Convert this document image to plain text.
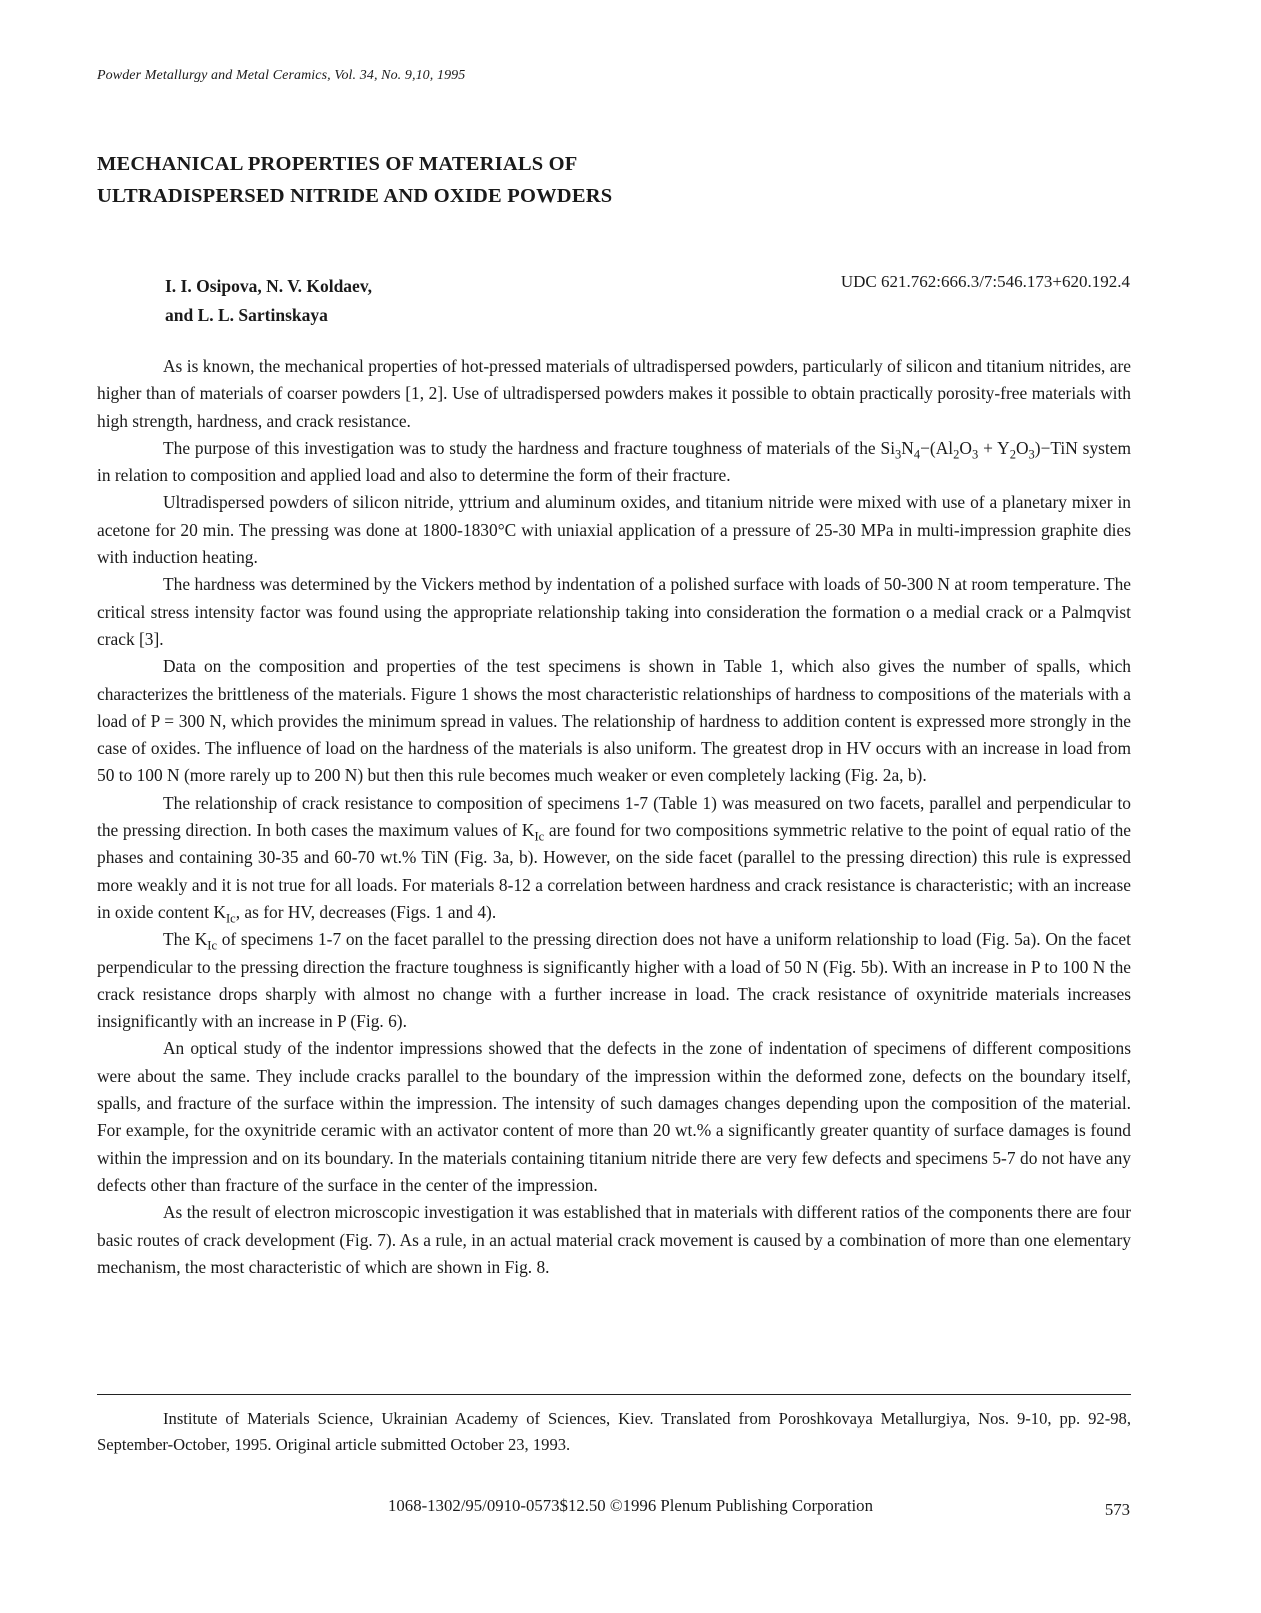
Powder Metallurgy and Metal Ceramics, Vol. 34, No. 9,10, 1995
MECHANICAL PROPERTIES OF MATERIALS OF
ULTRADISPERSED NITRIDE AND OXIDE POWDERS
I. I. Osipova, N. V. Koldaev,
and L. L. Sartinskaya
UDC 621.762:666.3/7:546.173+620.192.4

As is known, the mechanical properties of hot-pressed materials of ultradispersed powders, particularly of silicon and titanium nitrides, are higher than of materials of coarser powders [1, 2]. Use of ultradispersed powders makes it possible to obtain practically porosity-free materials with high strength, hardness, and crack resistance.

The purpose of this investigation was to study the hardness and fracture toughness of materials of the $Si_3N_4-(Al_2O_3 + Y_2O_3)-TiN$ system in relation to composition and applied load and also to determine the form of their fracture.

Ultradispersed powders of silicon nitride, yttrium and aluminum oxides, and titanium nitride were mixed with use of a planetary mixer in acetone for 20 min. The pressing was done at 1800-1830°C with uniaxial application of a pressure of 25-30 MPa in multi-impression graphite dies with induction heating.

The hardness was determined by the Vickers method by indentation of a polished surface with loads of 50-300 N at room temperature. The critical stress intensity factor was found using the appropriate relationship taking into consideration the formation o a medial crack or a Palmqvist crack [3].

Data on the composition and properties of the test specimens is shown in Table 1, which also gives the number of spalls, which characterizes the brittleness of the materials. Figure 1 shows the most characteristic relationships of hardness to compositions of the materials with a load of P = 300 N, which provides the minimum spread in values. The relationship of hardness to addition content is expressed more strongly in the case of oxides. The influence of load on the hardness of the materials is also uniform. The greatest drop in HV occurs with an increase in load from 50 to 100 N (more rarely up to 200 N) but then this rule becomes much weaker or even completely lacking (Fig. 2a, b).

The relationship of crack resistance to composition of specimens 1-7 (Table 1) was measured on two facets, parallel and perpendicular to the pressing direction. In both cases the maximum values of $K_{Ic}$ are found for two compositions symmetric relative to the point of equal ratio of the phases and containing 30-35 and 60-70 wt.% TiN (Fig. 3a, b). However, on the side facet (parallel to the pressing direction) this rule is expressed more weakly and it is not true for all loads. For materials 8-12 a correlation between hardness and crack resistance is characteristic; with an increase in oxide content $K_{Ic}$, as for HV, decreases (Figs. 1 and 4).

The $K_{Ic}$ of specimens 1-7 on the facet parallel to the pressing direction does not have a uniform relationship to load (Fig. 5a). On the facet perpendicular to the pressing direction the fracture toughness is significantly higher with a load of 50 N (Fig. 5b). With an increase in P to 100 N the crack resistance drops sharply with almost no change with a further increase in load. The crack resistance of oxynitride materials increases insignificantly with an increase in P (Fig. 6).

An optical study of the indentor impressions showed that the defects in the zone of indentation of specimens of different compositions were about the same. They include cracks parallel to the boundary of the impression within the deformed zone, defects on the boundary itself, spalls, and fracture of the surface within the impression. The intensity of such damages changes depending upon the composition of the material. For example, for the oxynitride ceramic with an activator content of more than 20 wt.% a significantly greater quantity of surface damages is found within the impression and on its boundary. In the materials containing titanium nitride there are very few defects and specimens 5-7 do not have any defects other than fracture of the surface in the center of the impression.

As the result of electron microscopic investigation it was established that in materials with different ratios of the components there are four basic routes of crack development (Fig. 7). As a rule, in an actual material crack movement is caused by a combination of more than one elementary mechanism, the most characteristic of which are shown in Fig. 8.

Institute of Materials Science, Ukrainian Academy of Sciences, Kiev. Translated from Poroshkovaya Metallurgiya, Nos. 9-10, pp. 92-98, September-October, 1995. Original article submitted October 23, 1993.

1068-1302/95/0910-0573$12.50 ©1996 Plenum Publishing Corporation	573
